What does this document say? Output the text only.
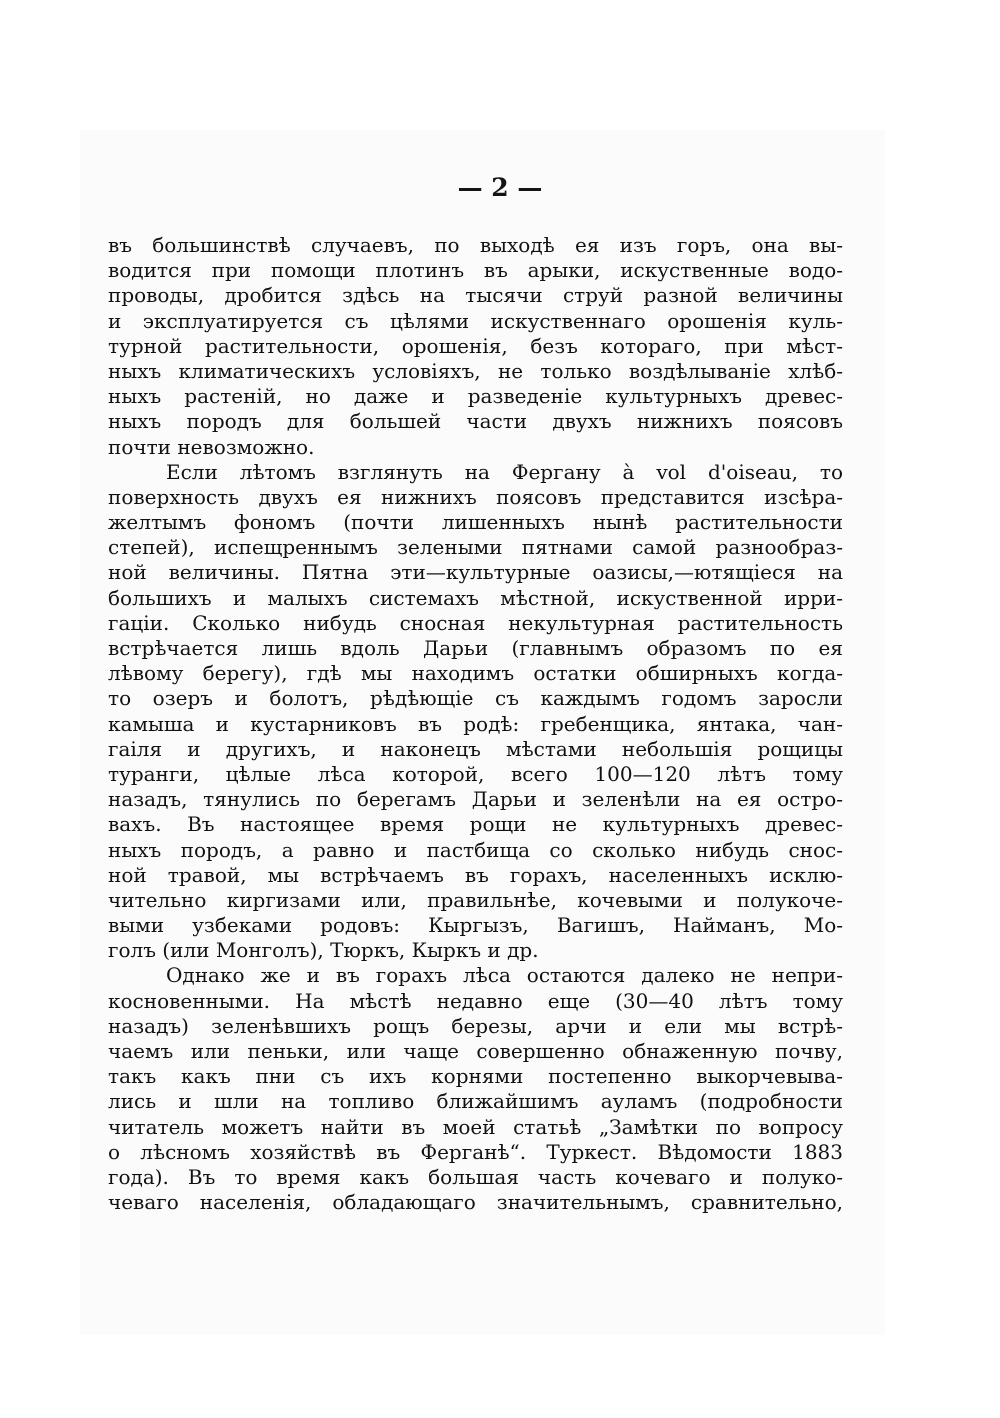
— 2 —
въ большинствѣ случаевъ, по выходѣ ея изъ горъ, она вы-
водится при помощи плотинъ въ арыки, искуственные водо-
проводы, дробится здѣсь на тысячи струй разной величины
и эксплуатируется съ цѣлями искуственнаго орошенія куль-
турной растительности, орошенія, безъ котораго, при мѣст-
ныхъ климатическихъ условіяхъ, не только воздѣлываніе хлѣб-
ныхъ растеній, но даже и разведеніе культурныхъ древес-
ныхъ породъ для большей части двухъ нижнихъ поясовъ
почти невозможно.
Если лѣтомъ взглянуть на Фергану à vol d'oiseau, то
поверхность двухъ ея нижнихъ поясовъ представится изсѣра-
желтымъ фономъ (почти лишенныхъ нынѣ растительности
степей), испещреннымъ зелеными пятнами самой разнообраз-
ной величины. Пятна эти—культурные оазисы,—ютящіеся на
большихъ и малыхъ системахъ мѣстной, искуственной ирри-
гаціи. Сколько нибудь сносная некультурная растительность
встрѣчается лишь вдоль Дарьи (главнымъ образомъ по ея
лѣвому берегу), гдѣ мы находимъ остатки обширныхъ когда-
то озеръ и болотъ, рѣдѣющіе съ каждымъ годомъ заросли
камыша и кустарниковъ въ родѣ: гребенщика, янтака, чан-
гаіля и другихъ, и наконецъ мѣстами небольшія рощицы
туранги, цѣлые лѣса которой, всего 100—120 лѣтъ тому
назадъ, тянулись по берегамъ Дарьи и зеленѣли на ея остро-
вахъ. Въ настоящее время рощи не культурныхъ древес-
ныхъ породъ, а равно и пастбища со сколько нибудь снос-
ной травой, мы встрѣчаемъ въ горахъ, населенныхъ исклю-
чительно киргизами или, правильнѣе, кочевыми и полукоче-
выми узбеками родовъ: Кыргызъ, Вагишъ, Найманъ, Мо-
голъ (или Монголъ), Тюркъ, Кыркъ и др.
Однако же и въ горахъ лѣса остаются далеко не непри-
косновенными. На мѣстѣ недавно еще (30—40 лѣтъ тому
назадъ) зеленѣвшихъ рощъ березы, арчи и ели мы встрѣ-
чаемъ или пеньки, или чаще совершенно обнаженную почву,
такъ какъ пни съ ихъ корнями постепенно выкорчевыва-
лись и шли на топливо ближайшимъ ауламъ (подробности
читатель можетъ найти въ моей статьѣ „Замѣтки по вопросу
о лѣсномъ хозяйствѣ въ Ферганѣ“. Туркест. Вѣдомости 1883
года). Въ то время какъ большая часть кочеваго и полуко-
чеваго населенія, обладающаго значительнымъ, сравнительно,
